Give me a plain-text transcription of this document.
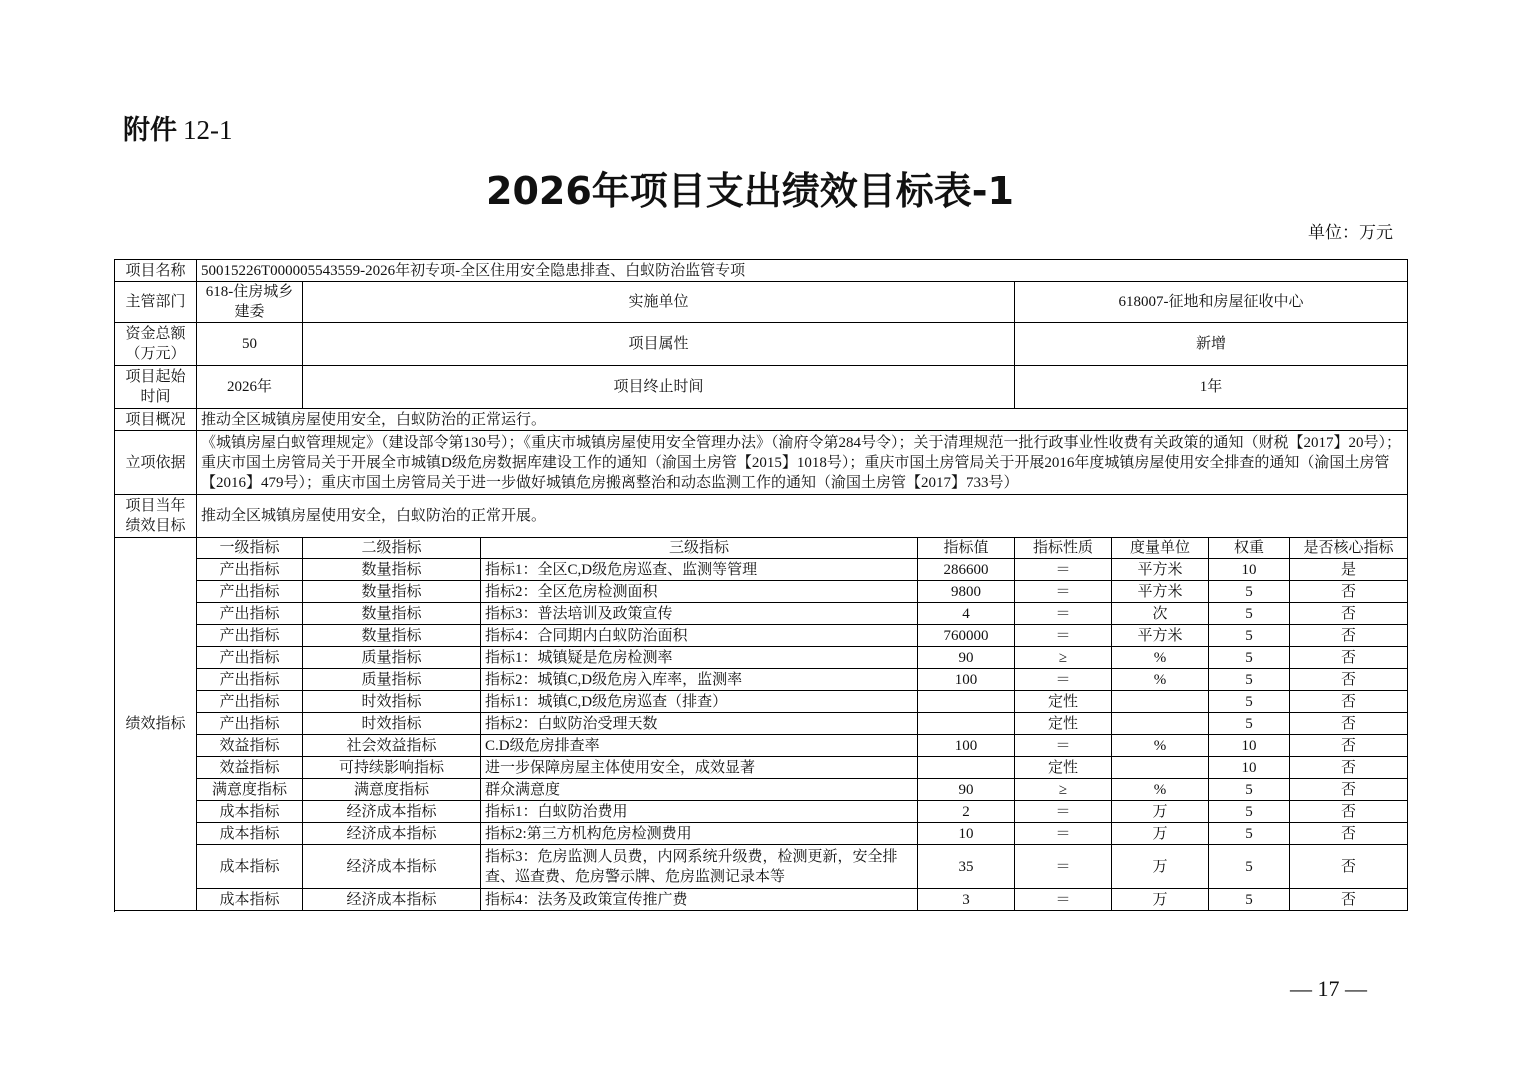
附件 12-1
2026年项目支出绩效目标表-1
单位：万元
项目名称	50015226T000005543559-2026年初专项-全区住用安全隐患排查、白蚁防治监管专项							
主管部门	618-住房城乡建委	实施单位			618007-征地和房屋征收中心			
资金总额（万元）	50	项目属性			新增			
项目起始时间	2026年	项目终止时间			1年			
项目概况	推动全区城镇房屋使用安全，白蚁防治的正常运行。							
立项依据	《城镇房屋白蚁管理规定》（建设部令第130号）；《重庆市城镇房屋使用安全管理办法》（渝府令第284号令）；关于清理规范一批行政事业性收费有关政策的通知（财税【2017】20号）；重庆市国土房管局关于开展全市城镇D级危房数据库建设工作的通知（渝国土房管【2015】1018号）；重庆市国土房管局关于开展2016年度城镇房屋使用安全排查的通知（渝国土房管【2016】479号）；重庆市国土房管局关于进一步做好城镇危房搬离整治和动态监测工作的通知（渝国土房管【2017】733号）							
项目当年绩效目标	推动全区城镇房屋使用安全，白蚁防治的正常开展。							
绩效指标	一级指标	二级指标	三级指标	指标值	指标性质	度量单位	权重	是否核心指标
	产出指标	数量指标	指标1：全区C,D级危房巡查、监测等管理	286600	＝	平方米	10	是
	产出指标	数量指标	指标2：全区危房检测面积	9800	＝	平方米	5	否
	产出指标	数量指标	指标3：普法培训及政策宣传	4	＝	次	5	否
	产出指标	数量指标	指标4：合同期内白蚁防治面积	760000	＝	平方米	5	否
	产出指标	质量指标	指标1：城镇疑是危房检测率	90	≥	%	5	否
	产出指标	质量指标	指标2：城镇C,D级危房入库率，监测率	100	＝	%	5	否
	产出指标	时效指标	指标1：城镇C,D级危房巡查（排查）		定性		5	否
	产出指标	时效指标	指标2：白蚁防治受理天数		定性		5	否
	效益指标	社会效益指标	C.D级危房排查率	100	＝	%	10	否
	效益指标	可持续影响指标	进一步保障房屋主体使用安全，成效显著		定性		10	否
	满意度指标	满意度指标	群众满意度	90	≥	%	5	否
	成本指标	经济成本指标	指标1：白蚁防治费用	2	＝	万	5	否
	成本指标	经济成本指标	指标2:第三方机构危房检测费用	10	＝	万	5	否
	成本指标	经济成本指标	指标3：危房监测人员费，内网系统升级费，检测更新，安全排查、巡查费、危房警示牌、危房监测记录本等	35	＝	万	5	否
	成本指标	经济成本指标	指标4：法务及政策宣传推广费	3	＝	万	5	否

— 17 —
